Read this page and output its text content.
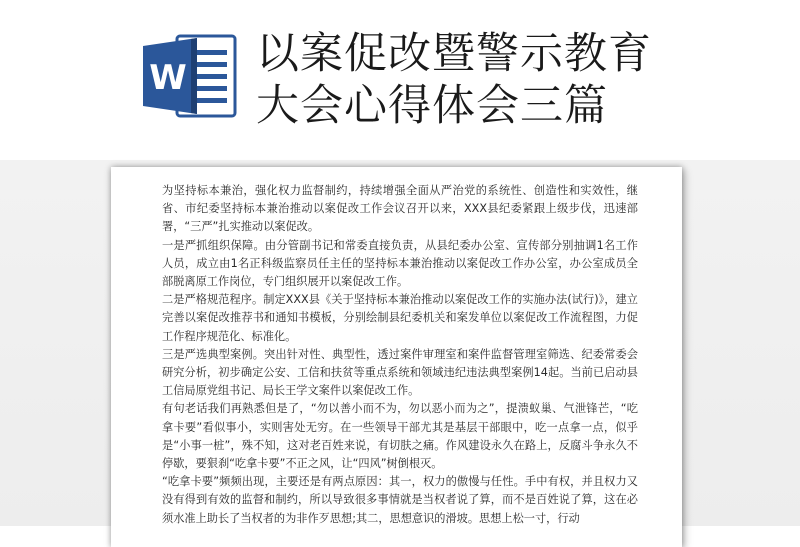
W 以案促改暨警示教育
大会心得体会三篇

为坚持标本兼治，强化权力监督制约，持续增强全面从严治党的系统性、创造性和实效性，继省、市纪委坚持标本兼治推动以案促改工作会议召开以来，XXX县纪委紧跟上级步伐，迅速部署，“三严”扎实推动以案促改。

一是严抓组织保障。由分管副书记和常委直接负责，从县纪委办公室、宣传部分别抽调1名工作人员，成立由1名正科级监察员任主任的坚持标本兼治推动以案促改工作办公室，办公室成员全部脱离原工作岗位，专门组织展开以案促改工作。

二是严格规范程序。制定XXX县《关于坚持标本兼治推动以案促改工作的实施办法(试行)》，建立完善以案促改推荐书和通知书模板，分别绘制县纪委机关和案发单位以案促改工作流程图，力促工作程序规范化、标准化。

三是严选典型案例。突出针对性、典型性，透过案件审理室和案件监督管理室筛选、纪委常委会研究分析，初步确定公安、工信和扶贫等重点系统和领域违纪违法典型案例14起。当前已启动县工信局原党组书记、局长王学文案件以案促改工作。

有句老话我们再熟悉但是了，“勿以善小而不为，勿以恶小而为之”，提溃蚁巢、气泄锋芒，“吃拿卡要”看似事小，实则害处无穷。在一些领导干部尤其是基层干部眼中，吃一点拿一点，似乎是“小事一桩”，殊不知，这对老百姓来说，有切肤之痛。作风建设永久在路上，反腐斗争永久不停歇，要狠刹“吃拿卡要”不正之风，让“四风”树倒根灭。

“吃拿卡要”频频出现，主要还是有两点原因：其一，权力的傲慢与任性。手中有权，并且权力又没有得到有效的监督和制约，所以导致很多事情就是当权者说了算，而不是百姓说了算，这在必须水准上助长了当权者的为非作歹思想;其二，思想意识的滑坡。思想上松一寸，行动
